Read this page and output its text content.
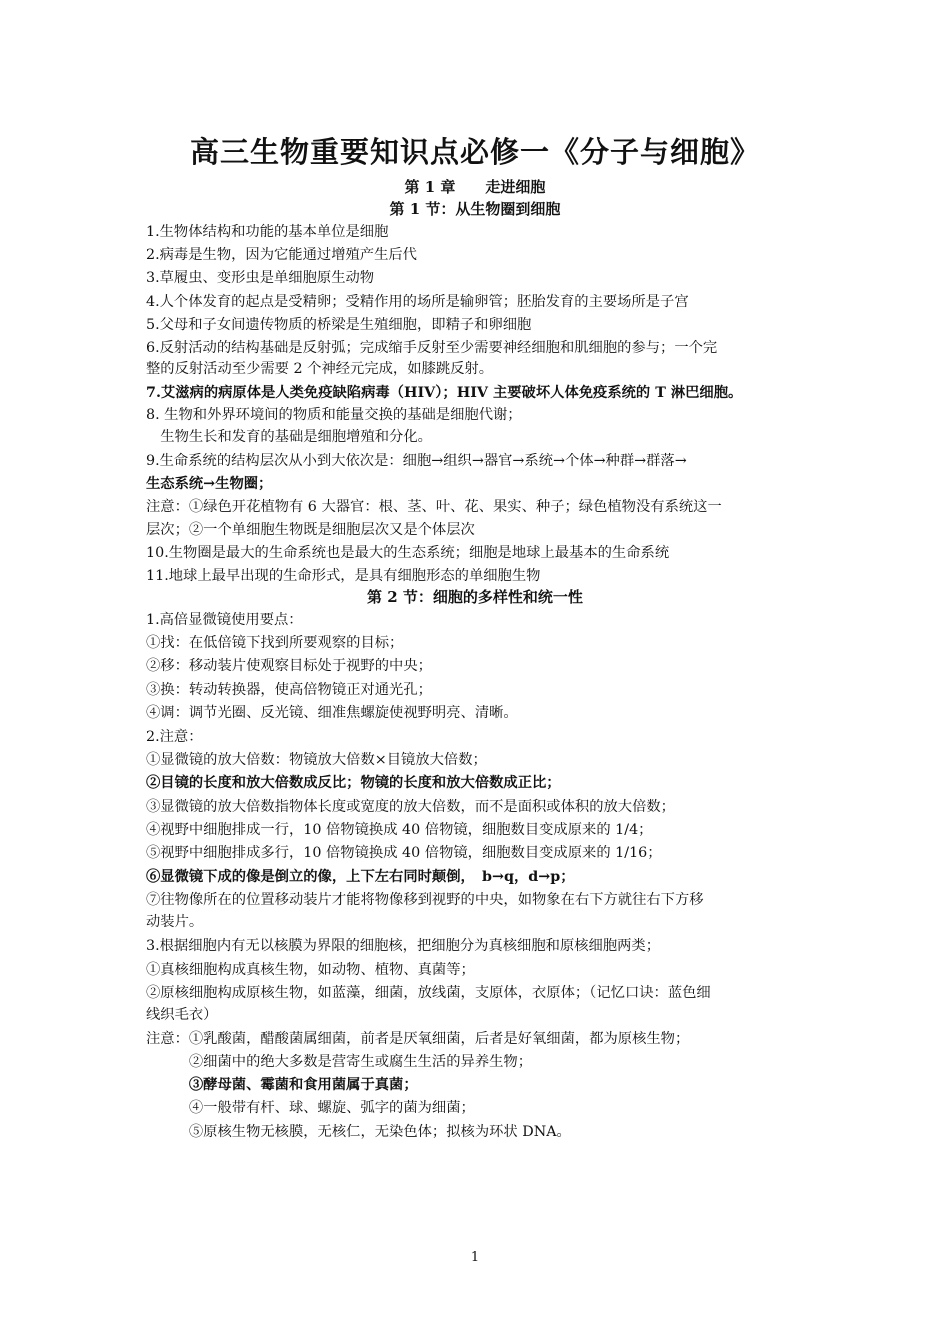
高三生物重要知识点必修一《分子与细胞》
第 1 章　　走进细胞
第 1 节：从生物圈到细胞
1.生物体结构和功能的基本单位是细胞
2.病毒是生物，因为它能通过增殖产生后代
3.草履虫、变形虫是单细胞原生动物
4.人个体发育的起点是受精卵；受精作用的场所是输卵管；胚胎发育的主要场所是子宫
5.父母和子女间遗传物质的桥梁是生殖细胞，即精子和卵细胞
6.反射活动的结构基础是反射弧；完成缩手反射至少需要神经细胞和肌细胞的参与；一个完
整的反射活动至少需要 2 个神经元完成，如膝跳反射。
7.艾滋病的病原体是人类免疫缺陷病毒（HIV）；HIV 主要破坏人体免疫系统的 T 淋巴细胞。
8. 生物和外界环境间的物质和能量交换的基础是细胞代谢；
　生物生长和发育的基础是细胞增殖和分化。
9.生命系统的结构层次从小到大依次是：细胞→组织→器官→系统→个体→种群→群落→
生态系统→生物圈；
注意：①绿色开花植物有 6 大器官：根、茎、叶、花、果实、种子；绿色植物没有系统这一
层次；②一个单细胞生物既是细胞层次又是个体层次
10.生物圈是最大的生命系统也是最大的生态系统；细胞是地球上最基本的生命系统
11.地球上最早出现的生命形式，是具有细胞形态的单细胞生物
第 2 节：细胞的多样性和统一性
1.高倍显微镜使用要点：
①找：在低倍镜下找到所要观察的目标；
②移：移动装片使观察目标处于视野的中央；
③换：转动转换器，使高倍物镜正对通光孔；
④调：调节光圈、反光镜、细准焦螺旋使视野明亮、清晰。
2.注意：
①显微镜的放大倍数：物镜放大倍数×目镜放大倍数；
②目镜的长度和放大倍数成反比；物镜的长度和放大倍数成正比；
③显微镜的放大倍数指物体长度或宽度的放大倍数，而不是面积或体积的放大倍数；
④视野中细胞排成一行，10 倍物镜换成 40 倍物镜，细胞数目变成原来的 1/4；
⑤视野中细胞排成多行，10 倍物镜换成 40 倍物镜，细胞数目变成原来的 1/16；
⑥显微镜下成的像是倒立的像，上下左右同时颠倒，　b→q，d→p；
⑦往物像所在的位置移动装片才能将物像移到视野的中央，如物象在右下方就往右下方移
动装片。
3.根据细胞内有无以核膜为界限的细胞核，把细胞分为真核细胞和原核细胞两类；
①真核细胞构成真核生物，如动物、植物、真菌等；
②原核细胞构成原核生物，如蓝藻，细菌，放线菌，支原体，衣原体；（记忆口诀：蓝色细
线织毛衣）
注意：①乳酸菌，醋酸菌属细菌，前者是厌氧细菌，后者是好氧细菌，都为原核生物；
　　　②细菌中的绝大多数是营寄生或腐生生活的异养生物；
　　　③酵母菌、霉菌和食用菌属于真菌；
　　　④一般带有杆、球、螺旋、弧字的菌为细菌；
　　　⑤原核生物无核膜，无核仁，无染色体；拟核为环状 DNA。
1
